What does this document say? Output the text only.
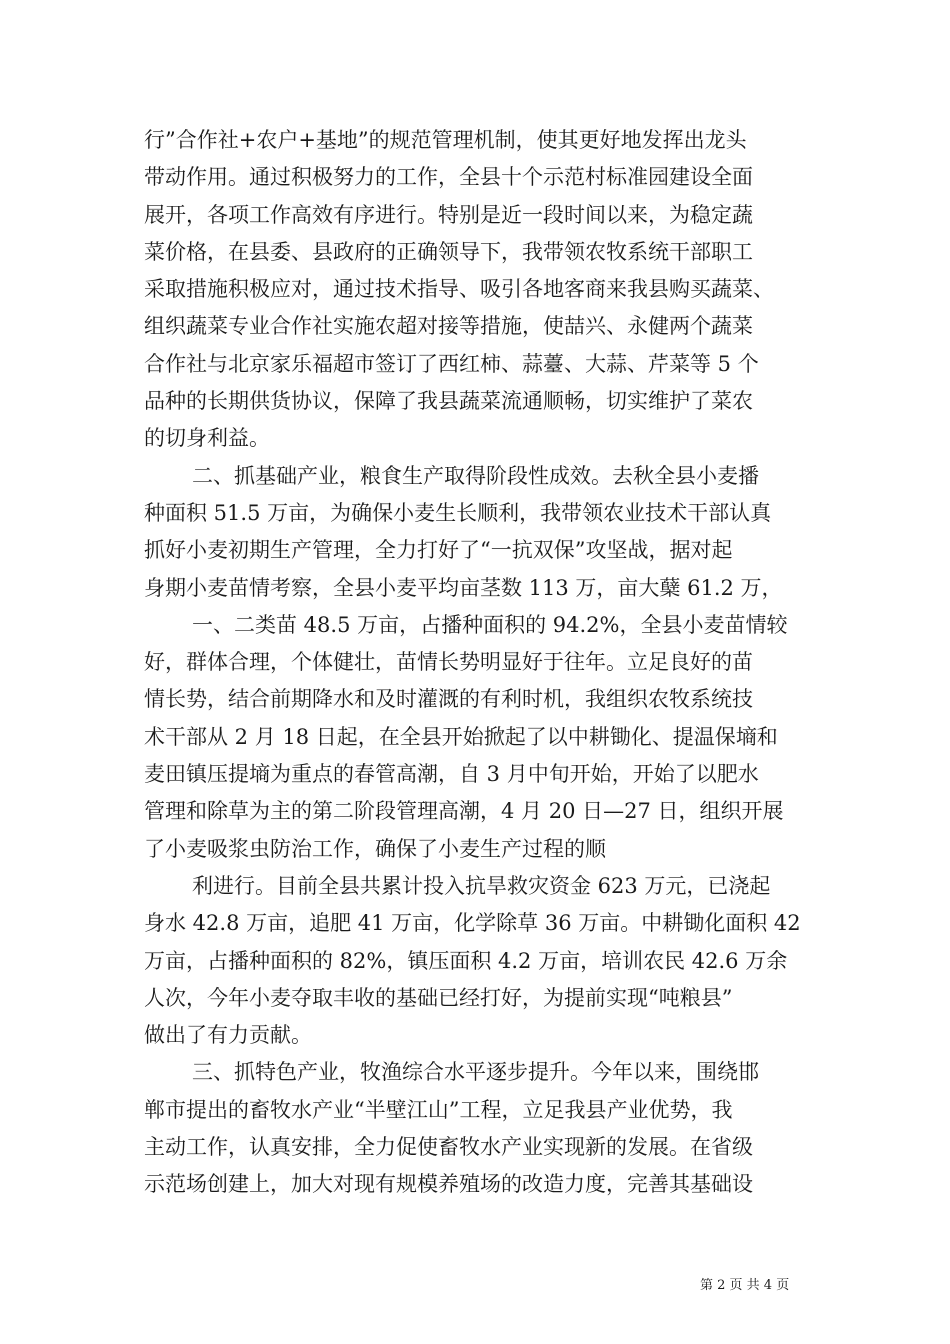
行”合作社+农户+基地”的规范管理机制，使其更好地发挥出龙头
带动作用。通过积极努力的工作，全县十个示范村标准园建设全面
展开，各项工作高效有序进行。特别是近一段时间以来，为稳定蔬
菜价格，在县委、县政府的正确领导下，我带领农牧系统干部职工
采取措施积极应对，通过技术指导、吸引各地客商来我县购买蔬菜、
组织蔬菜专业合作社实施农超对接等措施，使喆兴、永健两个蔬菜
合作社与北京家乐福超市签订了西红柿、蒜薹、大蒜、芹菜等 5 个
品种的长期供货协议，保障了我县蔬菜流通顺畅，切实维护了菜农
的切身利益。
二、抓基础产业，粮食生产取得阶段性成效。去秋全县小麦播
种面积 51.5 万亩，为确保小麦生长顺利，我带领农业技术干部认真
抓好小麦初期生产管理，全力打好了“一抗双保”攻坚战，据对起
身期小麦苗情考察，全县小麦平均亩茎数 113 万，亩大蘖 61.2 万，
一、二类苗 48.5 万亩，占播种面积的 94.2%，全县小麦苗情较
好，群体合理，个体健壮，苗情长势明显好于往年。立足良好的苗
情长势，结合前期降水和及时灌溉的有利时机，我组织农牧系统技
术干部从 2 月 18 日起，在全县开始掀起了以中耕锄化、提温保墒和
麦田镇压提墒为重点的春管高潮，自 3 月中旬开始，开始了以肥水
管理和除草为主的第二阶段管理高潮，4 月 20 日—27 日，组织开展
了小麦吸浆虫防治工作，确保了小麦生产过程的顺
利进行。目前全县共累计投入抗旱救灾资金 623 万元，已浇起
身水 42.8 万亩，追肥 41 万亩，化学除草 36 万亩。中耕锄化面积 42
万亩，占播种面积的 82%，镇压面积 4.2 万亩，培训农民 42.6 万余
人次，今年小麦夺取丰收的基础已经打好，为提前实现“吨粮县”
做出了有力贡献。
三、抓特色产业，牧渔综合水平逐步提升。今年以来，围绕邯
郸市提出的畜牧水产业“半壁江山”工程，立足我县产业优势，我
主动工作，认真安排，全力促使畜牧水产业实现新的发展。在省级
示范场创建上，加大对现有规模养殖场的改造力度，完善其基础设
第 2 页 共 4 页
